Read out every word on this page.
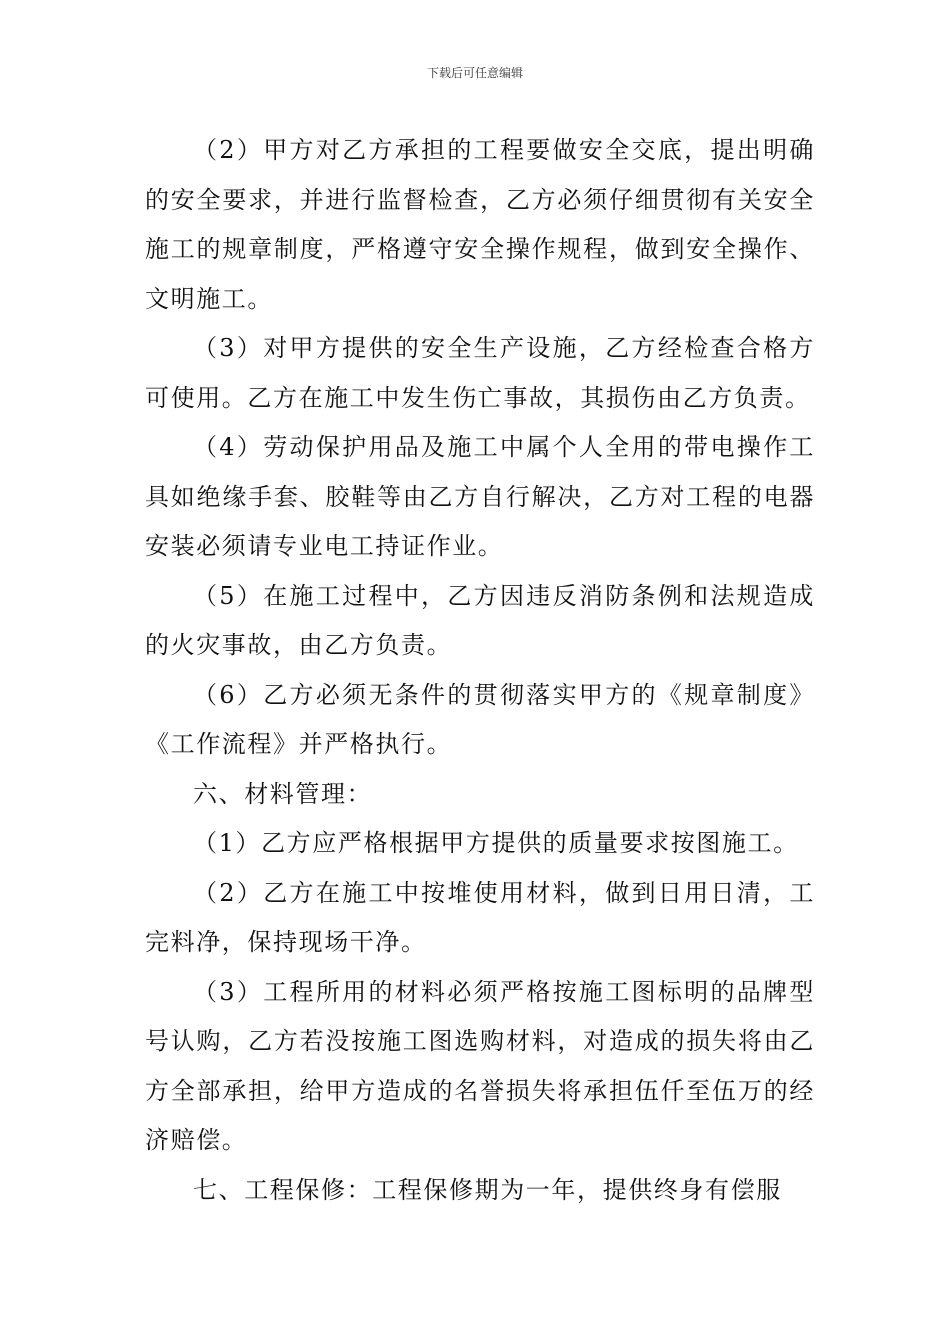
下载后可任意编辑

（2）甲方对乙方承担的工程要做安全交底，提出明确的安全要求，并进行监督检查，乙方必须仔细贯彻有关安全施工的规章制度，严格遵守安全操作规程，做到安全操作、文明施工。

（3）对甲方提供的安全生产设施，乙方经检查合格方可使用。乙方在施工中发生伤亡事故，其损伤由乙方负责。

（4）劳动保护用品及施工中属个人全用的带电操作工具如绝缘手套、胶鞋等由乙方自行解决，乙方对工程的电器安装必须请专业电工持证作业。

（5）在施工过程中，乙方因违反消防条例和法规造成的火灾事故，由乙方负责。

（6）乙方必须无条件的贯彻落实甲方的《规章制度》《工作流程》并严格执行。

六、材料管理：

（1）乙方应严格根据甲方提供的质量要求按图施工。

（2）乙方在施工中按堆使用材料，做到日用日清，工完料净，保持现场干净。

（3）工程所用的材料必须严格按施工图标明的品牌型号认购，乙方若没按施工图选购材料，对造成的损失将由乙方全部承担，给甲方造成的名誉损失将承担伍仟至伍万的经济赔偿。

七、工程保修：工程保修期为一年，提供终身有偿服
